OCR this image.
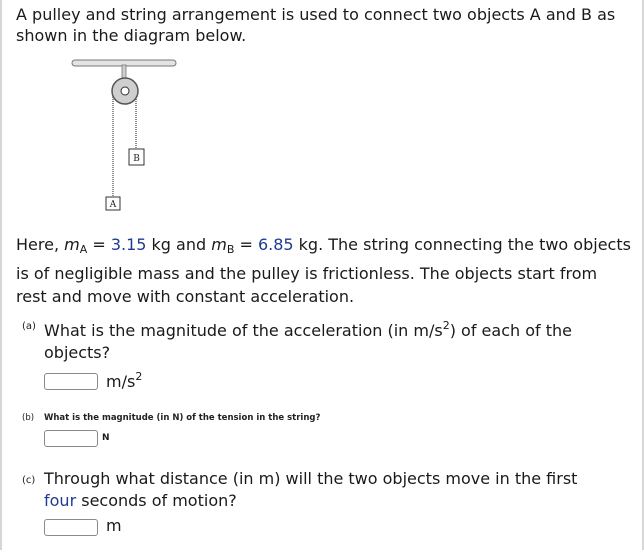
A pulley and string arrangement is used to connect two objects A and B as shown in the diagram below.
B
A
Here, $m_A = 3.15$ kg and $m_B = 6.85$ kg. The string connecting the two objects is of negligible mass and the pulley is frictionless. The objects start from rest and move with constant acceleration.
(a) What is the magnitude of the acceleration (in $m/s^2$) of each of the objects?
$m/s^2$
(b) What is the magnitude (in N) of the tension in the string?
N
(c) Through what distance (in m) will the two objects move in the first four seconds of motion?
m
